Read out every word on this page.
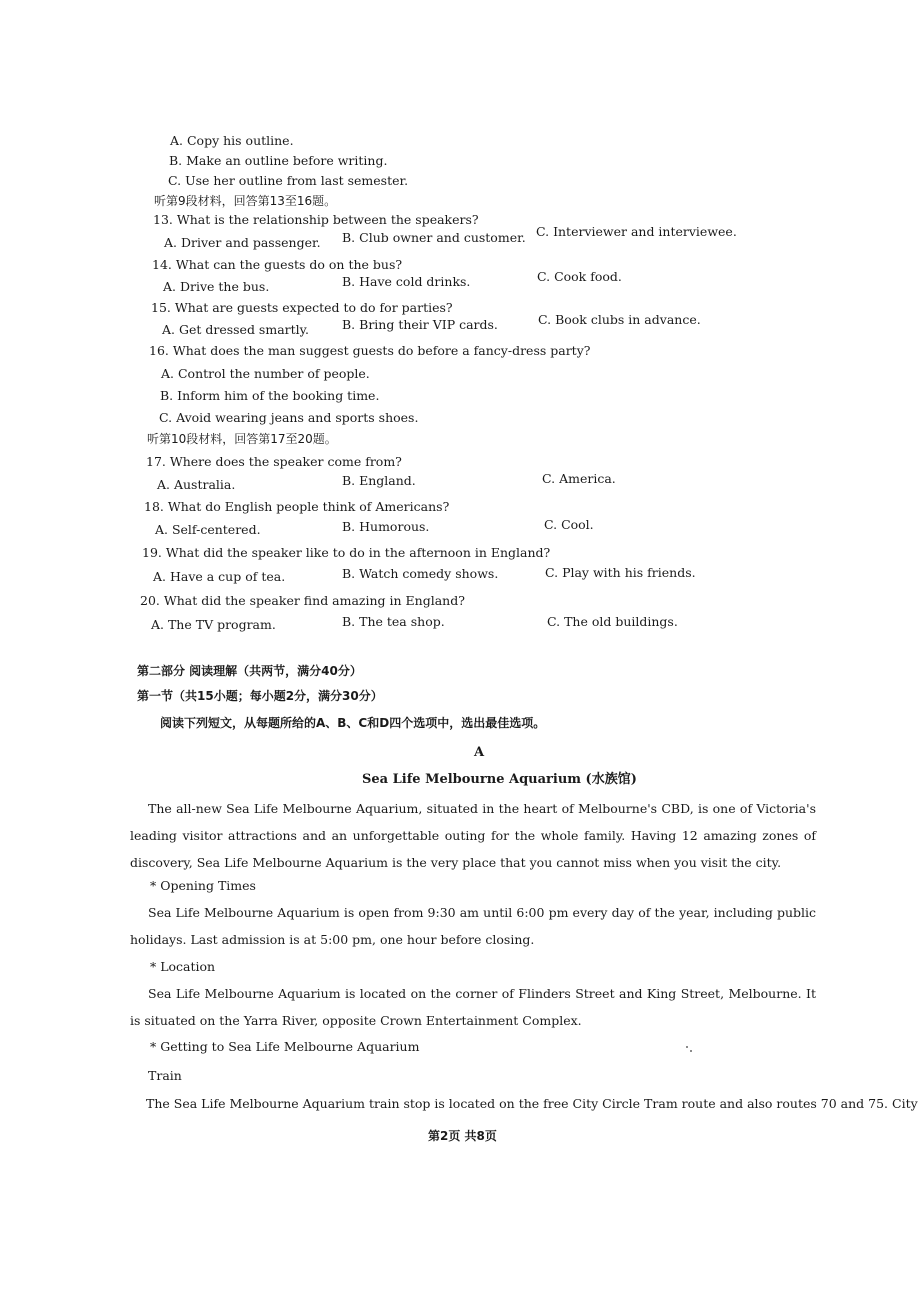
A. Copy his outline.
B. Make an outline before writing.
C. Use her outline from last semester.
听第9段材料，回答第13至16题。
13. What is the relationship between the speakers?
A. Driver and passenger. B. Club owner and customer. C. Interviewer and interviewee.
14. What can the guests do on the bus?
A. Drive the bus.	B. Have cold drinks.	C. Cook food.
15. What are guests expected to do for parties?
A. Get dressed smartly.	B. Bring their VIP cards.	C. Book clubs in advance.
16. What does the man suggest guests do before a fancy-dress party?
A. Control the number of people.
B. Inform him of the booking time.
C. Avoid wearing jeans and sports shoes.
听第10段材料，回答第17至20题。
17. Where does the speaker come from?
A. Australia.	B. England.	C. America.
18. What do English people think of Americans?
A. Self-centered.	B. Humorous.	C. Cool.
19. What did the speaker like to do in the afternoon in England?
A. Have a cup of tea.	B. Watch comedy shows.	C. Play with his friends.
20. What did the speaker find amazing in England?
A. The TV program.	B. The tea shop.	C. The old buildings.
第二部分 阅读理解（共两节，满分40分）
第一节（共15小题；每小题2分，满分30分）
阅读下列短文，从每题所给的A、B、C和D四个选项中，选出最佳选项。
A
Sea Life Melbourne Aquarium (水族馆)
The all-new Sea Life Melbourne Aquarium, situated in the heart of Melbourne's CBD, is one of Victoria's leading visitor attractions and an unforgettable outing for the whole family. Having 12 amazing zones of discovery, Sea Life Melbourne Aquarium is the very place that you cannot miss when you visit the city.
* Opening Times
Sea Life Melbourne Aquarium is open from 9:30 am until 6:00 pm every day of the year, including public holidays. Last admission is at 5:00 pm, one hour before closing.
* Location
Sea Life Melbourne Aquarium is located on the corner of Flinders Street and King Street, Melbourne. It is situated on the Yarra River, opposite Crown Entertainment Complex.
* Getting to Sea Life Melbourne Aquarium
Train
The Sea Life Melbourne Aquarium train stop is located on the free City Circle Tram route and also routes 70 and 75. City
第2页 共8页
